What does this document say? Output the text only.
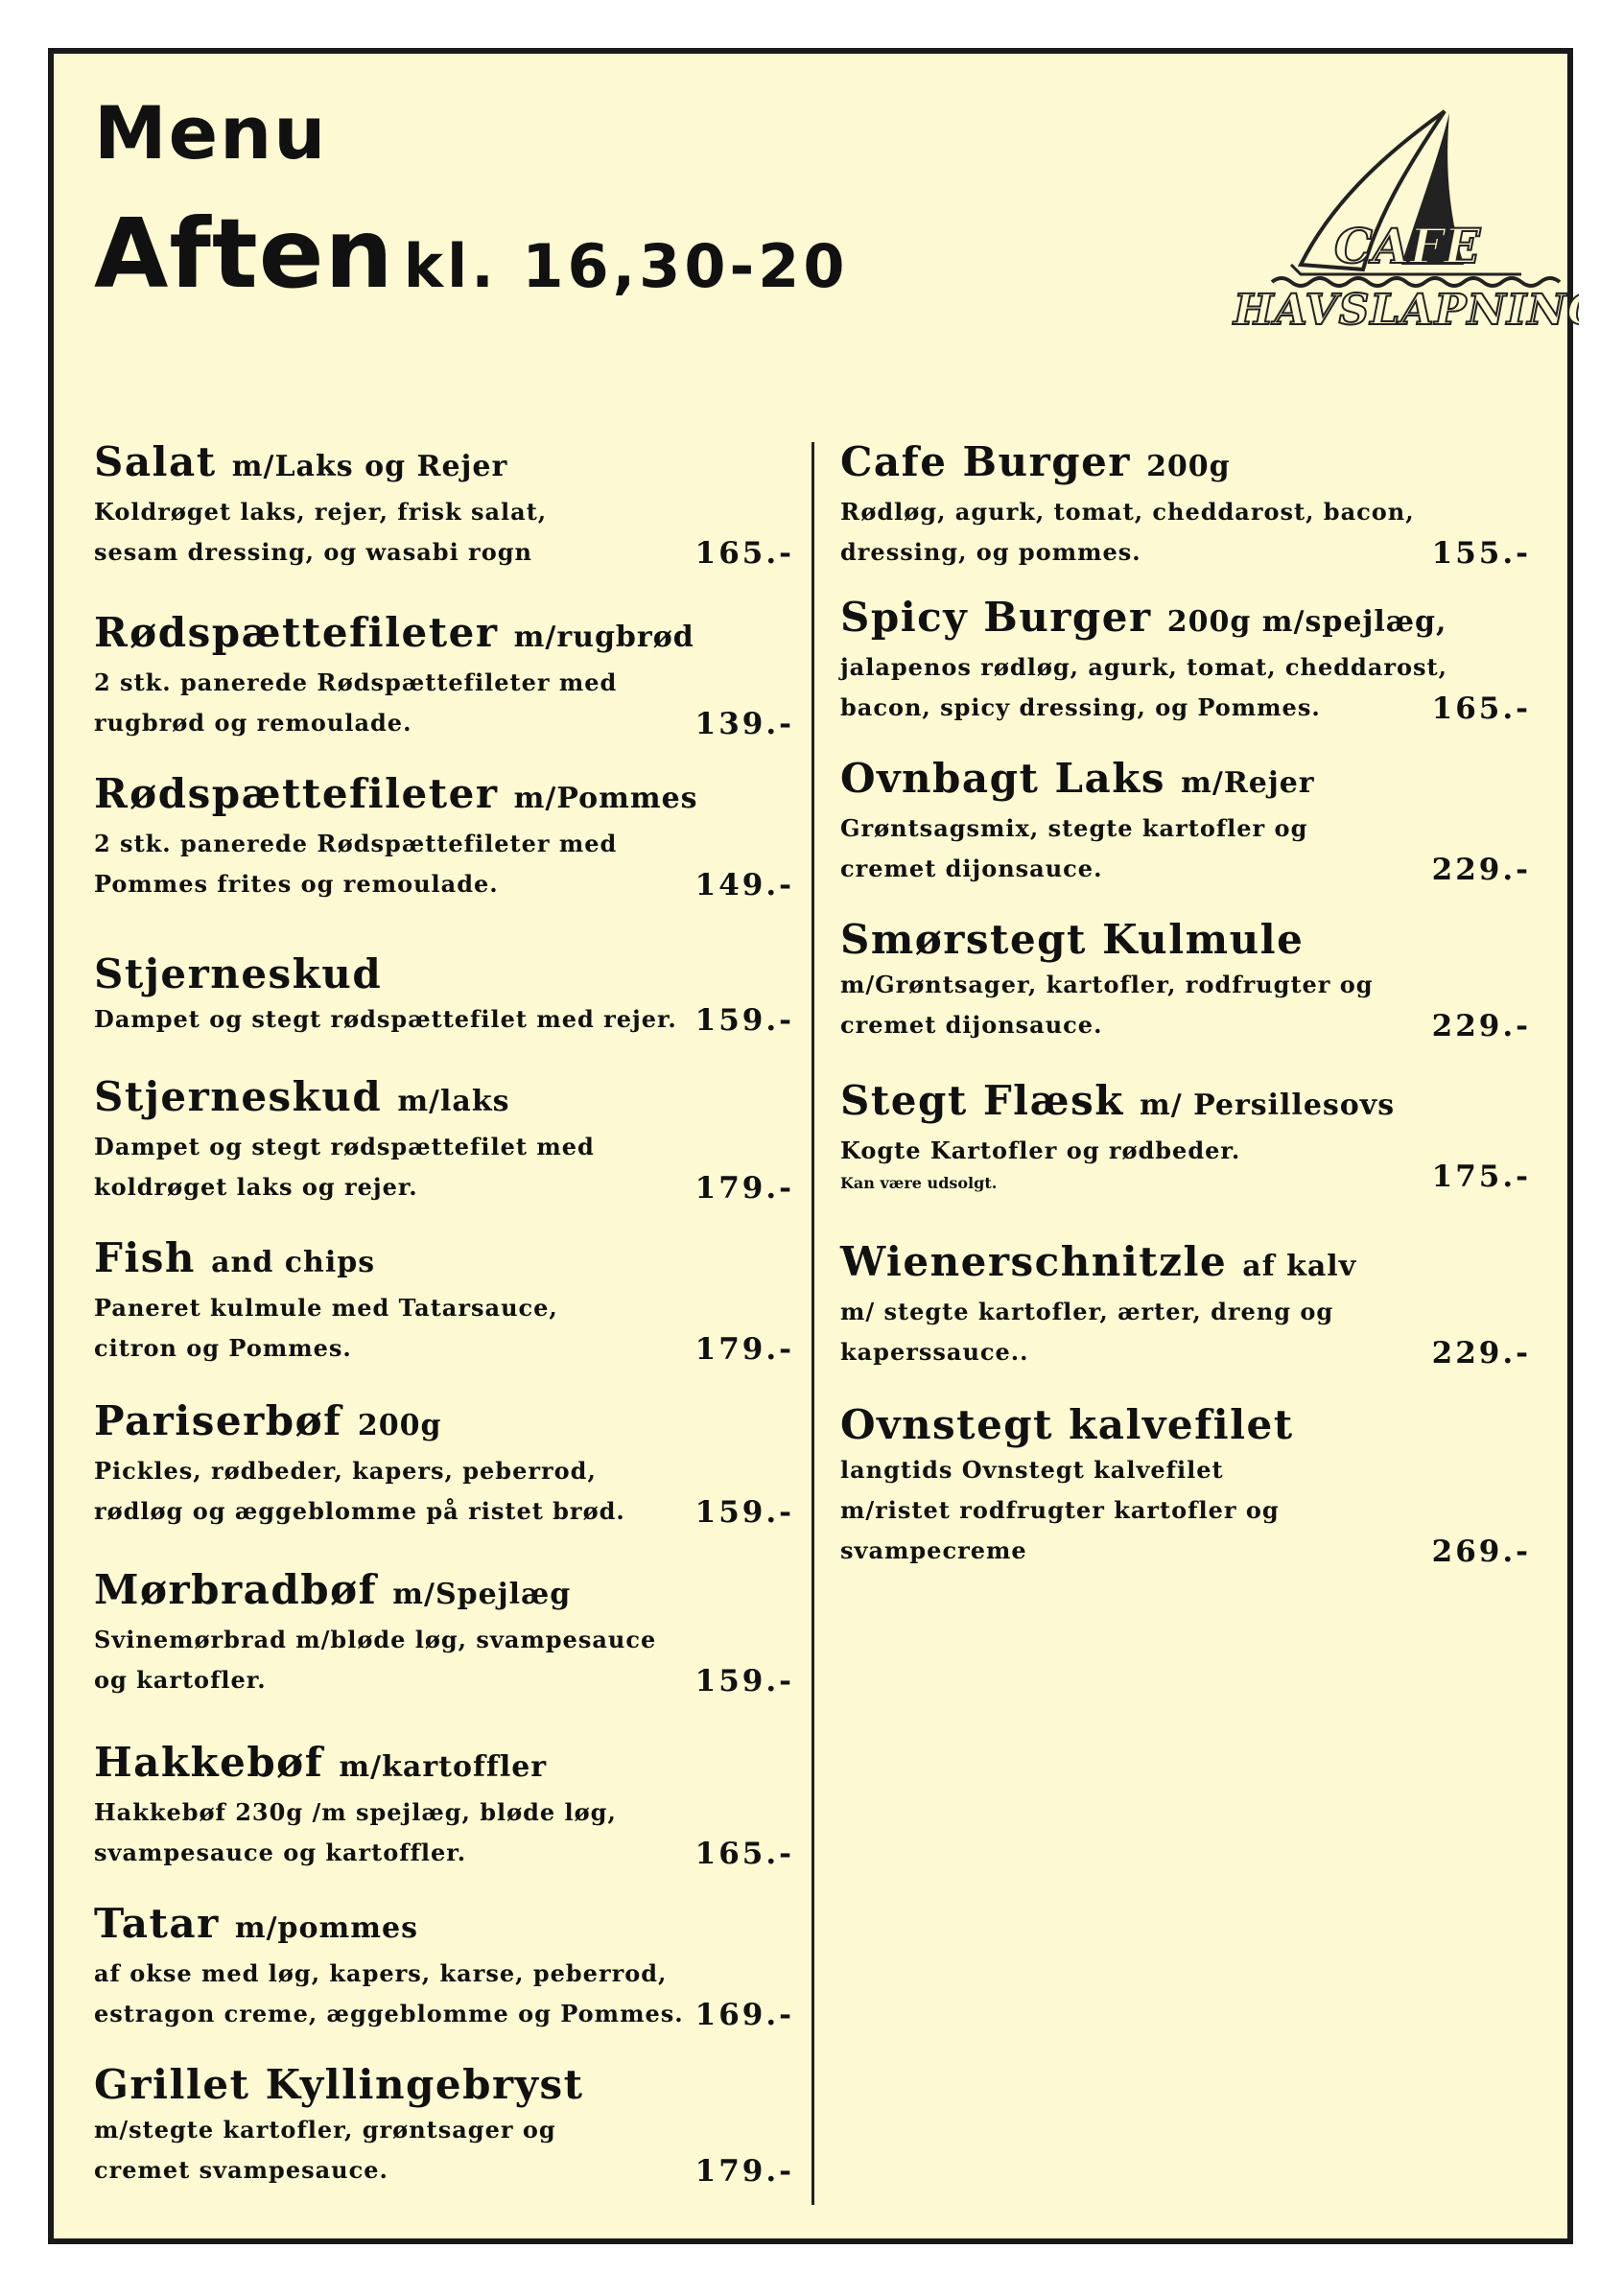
Menu
Aften kl. 16,30-20	CAFE
HAVSLAPNING
Salat m/Laks og Rejer
Koldrøget laks, rejer, frisk salat,
sesam dressing, og wasabi rogn	165.-
Rødspættefileter m/rugbrød
2 stk. panerede Rødspættefileter med
rugbrød og remoulade.	139.-
Rødspættefileter m/Pommes
2 stk. panerede Rødspættefileter med
Pommes frites og remoulade.	149.-
Stjerneskud
Dampet og stegt rødspættefilet med rejer. 159.-
Stjerneskud m/laks
Dampet og stegt rødspættefilet med
koldrøget laks og rejer.	179.-
Fish and chips
Paneret kulmule med Tatarsauce,
citron og Pommes.	179.-
Pariserbøf 200g
Pickles, rødbeder, kapers, peberrod,
rødløg og æggeblomme på ristet brød.	159.-
Mørbradbøf m/Spejlæg
Svinemørbrad m/bløde løg, svampesauce
og kartofler.	159.-
Hakkebøf m/kartoffler
Hakkebøf 230g /m spejlæg, bløde løg,
svampesauce og kartoffler.	165.-
Tatar m/pommes
af okse med løg, kapers, karse, peberrod,
estragon creme, æggeblomme og Pommes. 169.-
Grillet Kyllingebryst
m/stegte kartofler, grøntsager og
cremet svampesauce.	179.-
Cafe Burger 200g
Rødløg, agurk, tomat, cheddarost, bacon,
dressing, og pommes.	155.-
Spicy Burger 200g m/spejlæg,
jalapenos rødløg, agurk, tomat, cheddarost,
bacon, spicy dressing, og Pommes.	165.-
Ovnbagt Laks m/Rejer
Grøntsagsmix, stegte kartofler og
cremet dijonsauce.	229.-
Smørstegt Kulmule
m/Grøntsager, kartofler, rodfrugter og
cremet dijonsauce.	229.-
Stegt Flæsk m/ Persillesovs
Kogte Kartofler og rødbeder.
Kan være udsolgt.	175.-
Wienerschnitzle af kalv
m/ stegte kartofler, ærter, dreng og
kaperssauce..	229.-
Ovnstegt kalvefilet
langtids Ovnstegt kalvefilet
m/ristet rodfrugter kartofler og
svampecreme	269.-
